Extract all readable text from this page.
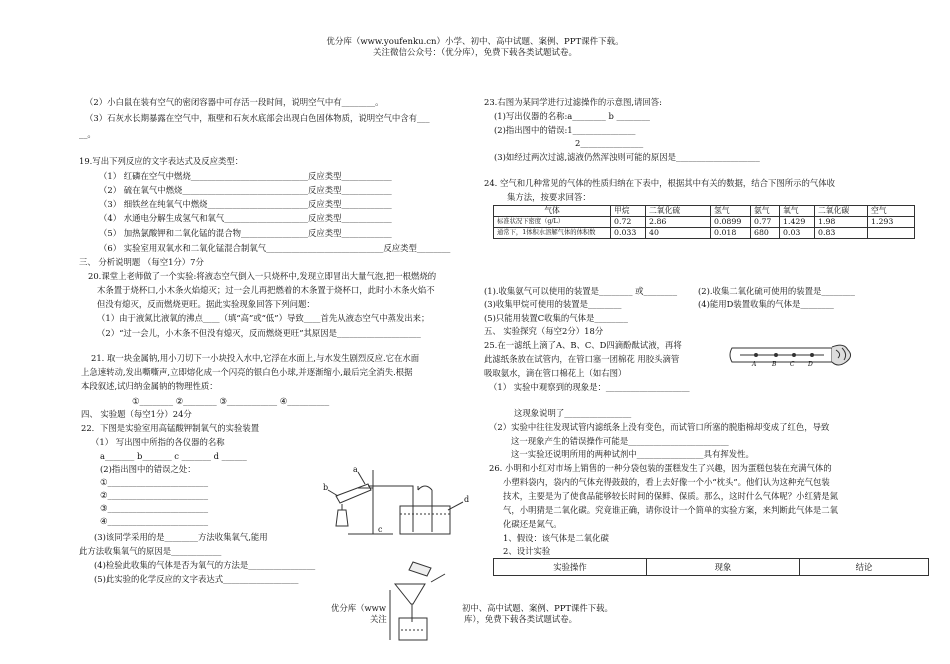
优分库（www.youfenku.cn）小学、初中、高中试题、案例、PPT课件下载。
关注微信公众号：（优分库），免费下载各类试题试卷。
（2）小白鼠在装有空气的密闭容器中可存活一段时间，说明空气中有________。
（3）石灰水长期暴露在空气中，瓶壁和石灰水底部会出现白色固体物质，说明空气中含有___
__。
19.写出下列反应的文字表达式及反应类型：
（1） 红磷在空气中燃烧____________________________反应类型____________
（2） 硫在氧气中燃烧______________________________反应类型____________
（3） 细铁丝在纯氧气中燃烧________________________反应类型____________
（4） 水通电分解生成氢气和氧气____________________反应类型____________
（5） 加热氯酸钾和二氧化锰的混合物________________反应类型____________
（6） 实验室用双氧水和二氧化锰混合制氧气____________________________反应类型________
三、 分析说明题 （每空1分）7分
20.课堂上老师做了一个实验:将液态空气倒入一只烧杯中,发现立即冒出大量气泡,把一根燃烧的
木条置于烧杯口,小木条火焰熄灭；过一会儿再把燃着的木条置于烧杯口，此时小木条火焰不
但没有熄灭，反而燃烧更旺。据此实验现象回答下列问题：
（1）由于液氮比液氧的沸点____（填“高”或“低”）导致____首先从液态空气中蒸发出来；
（2）“过一会儿，小木条不但没有熄灭，反而燃烧更旺”其原因是____________________
21. 取一块金属钠,用小刀切下一小块投入水中,它浮在水面上,与水发生剧烈反应.它在水面
上急速转动,发出嘶嘶声,立即熔化成一个闪亮的银白色小球,并逐渐缩小,最后完全消失.根据
本段叙述,试归纳金属钠的物理性质：
①________ ②________ ③____________ ④__________
四、 实验题（每空1分）24分
22．下图是实验室用高锰酸钾制氧气的实验装置
（1） 写出图中所指的各仪器的名称
a_______ b_______ c _______ d ______
(2)指出图中的错误之处：
①________________________
②________________________
③________________________
④________________________
(3)该同学采用的是________方法收集氧气,能用
此方法收集氧气的原因是____________
(4)检验此收集的气体是否为氧气的方法是________________
(5)此实验的化学反应的文字表达式__________________
b
a
d
c
23.右图为某同学进行过滤操作的示意图,请回答:
(1)写出仪器的名称:a________ b ________
(2)指出图中的错误:1_______________
2_______________
(3)如经过两次过滤,滤液仍然浑浊则可能的原因是____________________
24. 空气和几种常见的气体的性质归纳在下表中，根据其中有关的数据，结合下图所示的气体收
集方法，按要求回答：
气体	甲烷	二氧化硫	氢气	氨气	氧气	二氧化碳	空气
标准状况下密度（g/L）	0.72	2.86	0.0899	0.77	1.429	1.98	1.293
通常下，1体积水溶解气体的体积数	0.033	40	0.018	680	0.03	0.83	
(1).收集氨气可以使用的装置是________ 或________ (2).收集二氧化硫可使用的装置是________
(3)收集甲烷可使用的装置是________	(4)能用D装置收集的气体是________
(5)只能用装置C收集的气体是________
五、 实验探究（每空2分）18分
25.在一滤纸上滴了A、B、C、D四滴酚酞试液，再将
此滤纸条放在试管内，在管口塞一团棉花 用胶头滴管
吸取氨水，滴在管口棉花上（如右图）
A	B C D
（1） 实验中观察到的现象是：____________________
这现象说明了________________
（2）实验中往往发现试管内滤纸条上没有变色，而试管口所塞的脱脂棉却变成了红色，导致
这一现象产生的错误操作可能是________________________
这一实验还说明所用的两种试剂中________________具有挥发性。
26. 小明和小红对市场上销售的一种分袋包装的蛋糕发生了兴趣，因为蛋糕包装在充满气体的
小塑料袋内，袋内的气体充得鼓鼓的，看上去好像一个小“枕头”。他们认为这种充气包装
技术，主要是为了使食品能够较长时间的保鲜、保质。那么，这时什么气体呢？小红猜是氮
气，小明猜是二氧化碳。究竟谁正确，请你设计一个简单的实验方案，来判断此气体是二氧
化碳还是氮气。
1、假设：该气体是二氧化碳
2、设计实验
实验操作	现象	结论
优分库（www	初中、高中试题、案例、PPT课件下载。
关注	库），免费下载各类试题试卷。
